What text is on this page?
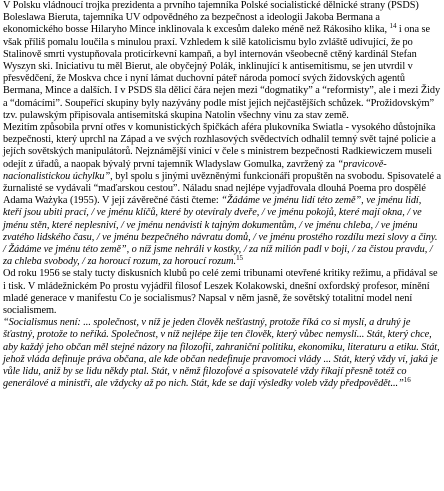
V Polsku vládnoucí trojka prezidenta a prvního tajemníka Polské socialistické dělnické strany (PSDS) Boleslawa Bieruta, tajemníka UV odpovědného za bezpečnost a ideologii Jakoba Bermana a ekonomického bosse Hilaryho Mince inklinovala k excesům daleko méně než Rákosiho klika, $^{14}$ i ona se však příliš pomalu loučila s minulou praxí. Vzhledem k silě katolicismu bylo zvláště udivující, že po Stalinově smrti vystupňovala proticírkevní kampaň, a byl internován všeobecně ctěný kardinál Stefan Wyszyn ski. Iniciativu tu měl Bierut, ale obyčejný Polák, inklinující k antisemitismu, se jen utvrdil v přesvědčení, že Moskva chce i nyní lámat duchovní páteř národa pomocí svých židovských agentů Bermana, Mince a dalších. I v PSDS šla dělicí čára nejen mezi “dogmatiky” a “reformisty”, ale i mezi Židy a “domácími”. Soupeřící skupiny byly nazývány podle míst jejich nejčastějších schůzek. “Prožidovským” tzv. pulawským připisovala antisemitská skupina Natolin všechny vinu za stav země.

Mezitím způsobila první otřes v komunistických špičkách aféra plukovníka Swiatla - vysokého důstojníka bezpečnosti, který uprchl na Západ a ve svých rozhlasových svědectvích odhalil temný svět tajné policie a jejích sovětských manipulátorů. Nejznámější vinicí v čele s ministrem bezpečnosti Radkiewiczem museli odejít z úřadů, a naopak bývalý první tajemník Wladyslaw Gomulka, zavržený za “pravicově-nacionalistickou úchylku”, byl spolu s jinými uvězněnými funkcionáři propuštěn na svobodu. Spisovatelé a žurnalisté se vydávali “maďarskou cestou”. Náladu snad nejlépe vyjadřovala dlouhá Poema pro dospělé Adama Ważyka (1955). V její závěrečné části čteme: “Žádáme ve jménu lidí této země”, ve jménu lidí, kteří jsou ubiti prací, / ve jménu klíčů, které by otevíraly dveře, / ve jménu pokojů, které mají okna, / ve jménu stěn, které neplesniví, / ve jménu nenávisti k tajným dokumentům, / ve jménu chleba, / ve jménu zvatého lidského času, / ve jménu bezpečného návratu domů, / ve jménu prostého rozdílu mezi slovy a činy. / Žádáme ve jménu této země”, o níž jsme nehráli v kostky, / za níž milión padl v boji, / za čistou pravdu, / za chleba svobody, / za horoucí rozum, za horoucí rozum.$^{15}$

Od roku 1956 se staly tucty diskusních klubů po celé zemi tribunami otevřené kritiky režimu, a přidával se i tisk. V mládežnickém Po prostu vyjádřil filosof Leszek Kolakowski, dnešní oxfordský profesor, mínění mladé generace v manifestu Co je socialismus? Napsal v něm jasně, že sovětský totalitní model není socialismem.

“Socialismus není: ... společnost, v níž je jeden člověk nešťastný, protože říká co si myslí, a druhý je šťastný, protože to neříká. Společnost, v níž nejlépe žije ten člověk, který vůbec nemyslí... Stát, který chce, aby každý jeho občan měl stejné názory na filozofii, zahraniční politiku, ekonomiku, literaturu a etiku. Stát, jehož vláda definuje práva občana, ale kde občan nedefinuje pravomoci vlády ... Stát, který vždy ví, jaká je vůle lidu, aniž by se lidu někdy ptal. Stát, v němž filozofové a spisovatelé vždy říkají přesně totéž co generálové a ministři, ale vždycky až po nich. Stát, kde se dají výsledky voleb vždy předpovědět...”$^{16}$
